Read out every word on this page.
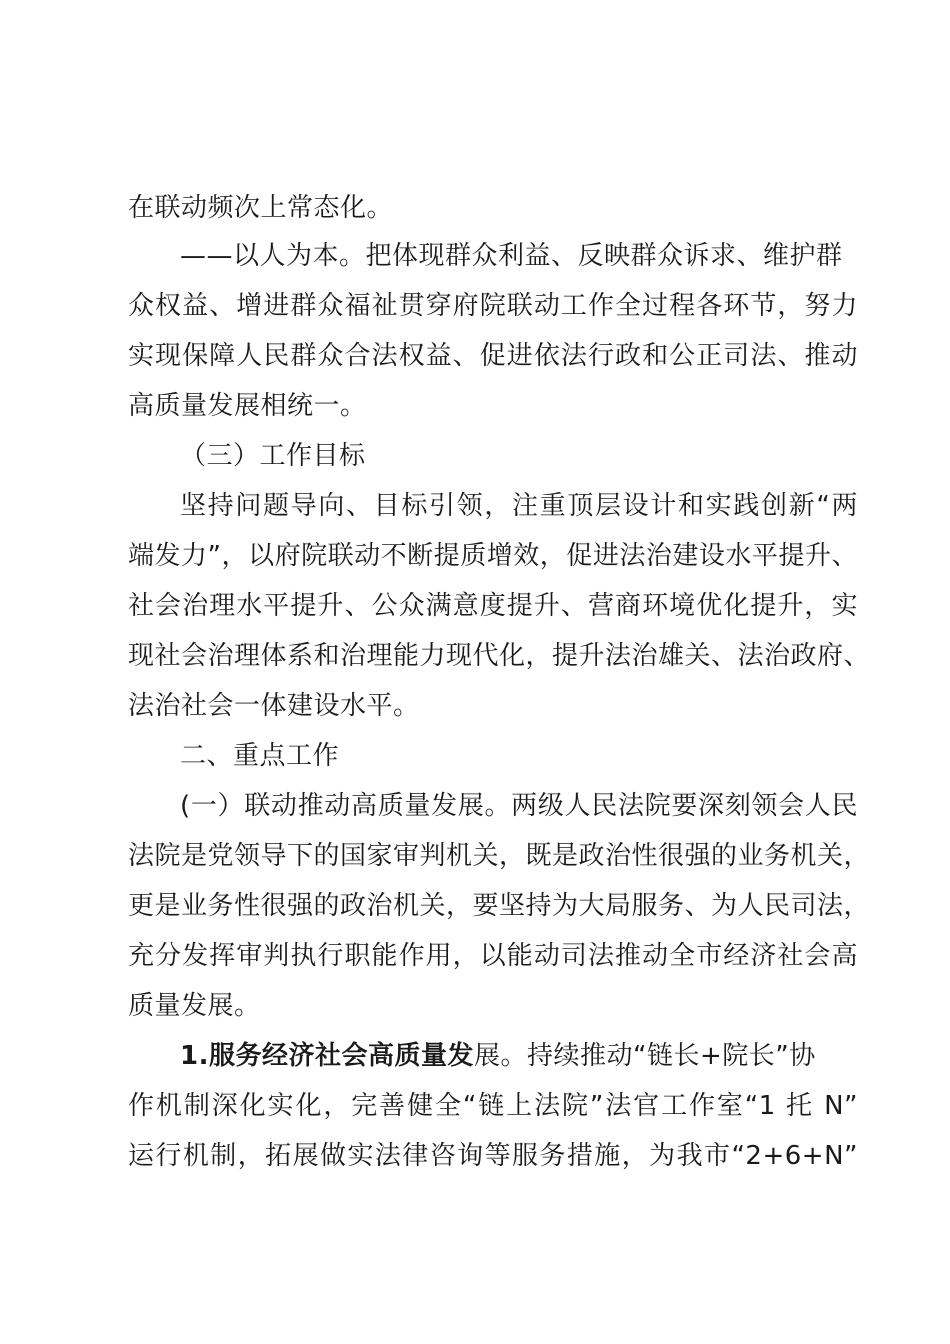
在联动频次上常态化。
——以人为本。把体现群众利益、反映群众诉求、维护群
众权益、增进群众福祉贯穿府院联动工作全过程各环节，努力
实现保障人民群众合法权益、促进依法行政和公正司法、推动
高质量发展相统一。
（三）工作目标
坚持问题导向、目标引领，注重顶层设计和实践创新“两
端发力”，以府院联动不断提质增效，促进法治建设水平提升、
社会治理水平提升、公众满意度提升、营商环境优化提升，实
现社会治理体系和治理能力现代化，提升法治雄关、法治政府、
法治社会一体建设水平。
二、重点工作
(一）联动推动高质量发展。两级人民法院要深刻领会人民
法院是党领导下的国家审判机关，既是政治性很强的业务机关，
更是业务性很强的政治机关，要坚持为大局服务、为人民司法，
充分发挥审判执行职能作用，以能动司法推动全市经济社会高
质量发展。
1.服务经济社会高质量发展。持续推动“链长+院长”协
作机制深化实化，完善健全“链上法院”法官工作室“1 托 N”
运行机制，拓展做实法律咨询等服务措施，为我市“2+6+N”
